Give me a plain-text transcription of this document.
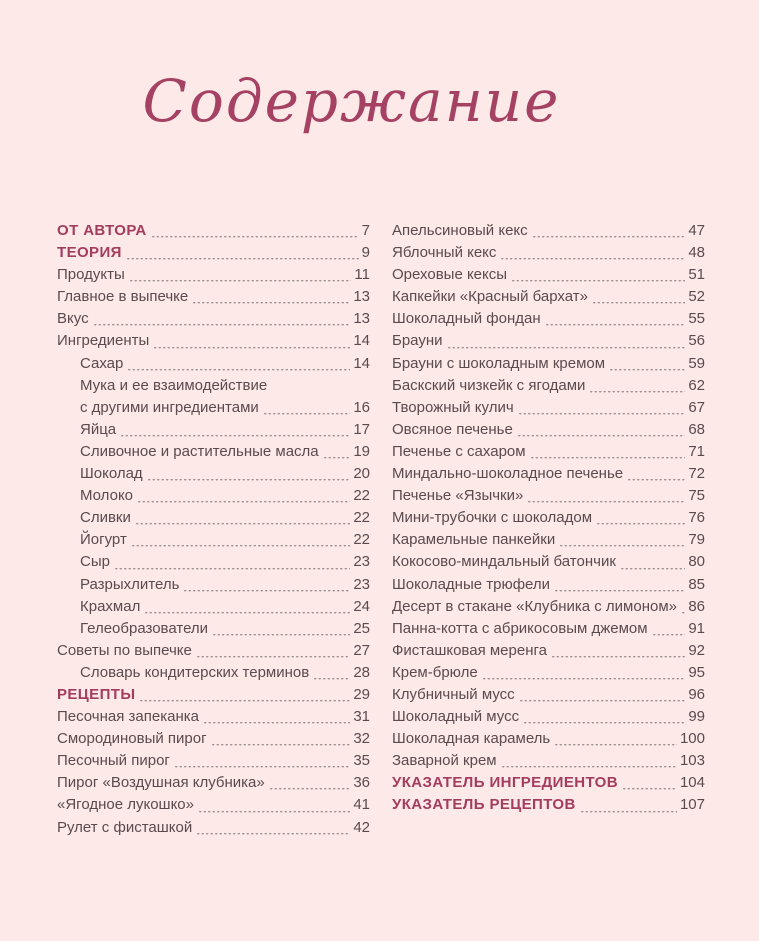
Содержание
ОТ АВТОРА	7
ТЕОРИЯ	9
Продукты	11
Главное в выпечке	13
Вкус	13
Ингредиенты	14
Сахар	14
Мука и ее взаимодействие
с другими ингредиентами	16
Яйца	17
Сливочное и растительные масла 19
Шоколад	20
Молоко	22
Сливки	22
Йогурт	22
Сыр	23
Разрыхлитель	23
Крахмал	24
Гелеобразователи	25
Советы по выпечке	27
Словарь кондитерских терминов	28
РЕЦЕПТЫ	29
Песочная запеканка	31
Смородиновый пирог	32
Песочный пирог	35
Пирог «Воздушная клубника»	36
«Ягодное лукошко»	41
Рулет с фисташкой	42
Апельсиновый кекс	47
Яблочный кекс	48
Ореховые кексы	51
Капкейки «Красный бархат»	52
Шоколадный фондан	55
Брауни	56
Брауни с шоколадным кремом	59
Баскский чизкейк с ягодами	62
Творожный кулич	67
Овсяное печенье	68
Печенье с сахаром	71
Миндально-шоколадное печенье	72
Печенье «Язычки»	75
Мини-трубочки с шоколадом	76
Карамельные панкейки	79
Кокосово-миндальный батончик	80
Шоколадные трюфели	85
Десерт в стакане «Клубника с лимоном» 86
Панна-котта с абрикосовым джемом	91
Фисташковая меренга	92
Крем-брюле	95
Клубничный мусс	96
Шоколадный мусс	99
Шоколадная карамель	100
Заварной крем	103
УКАЗАТЕЛЬ ИНГРЕДИЕНТОВ	104
УКАЗАТЕЛЬ РЕЦЕПТОВ	107
